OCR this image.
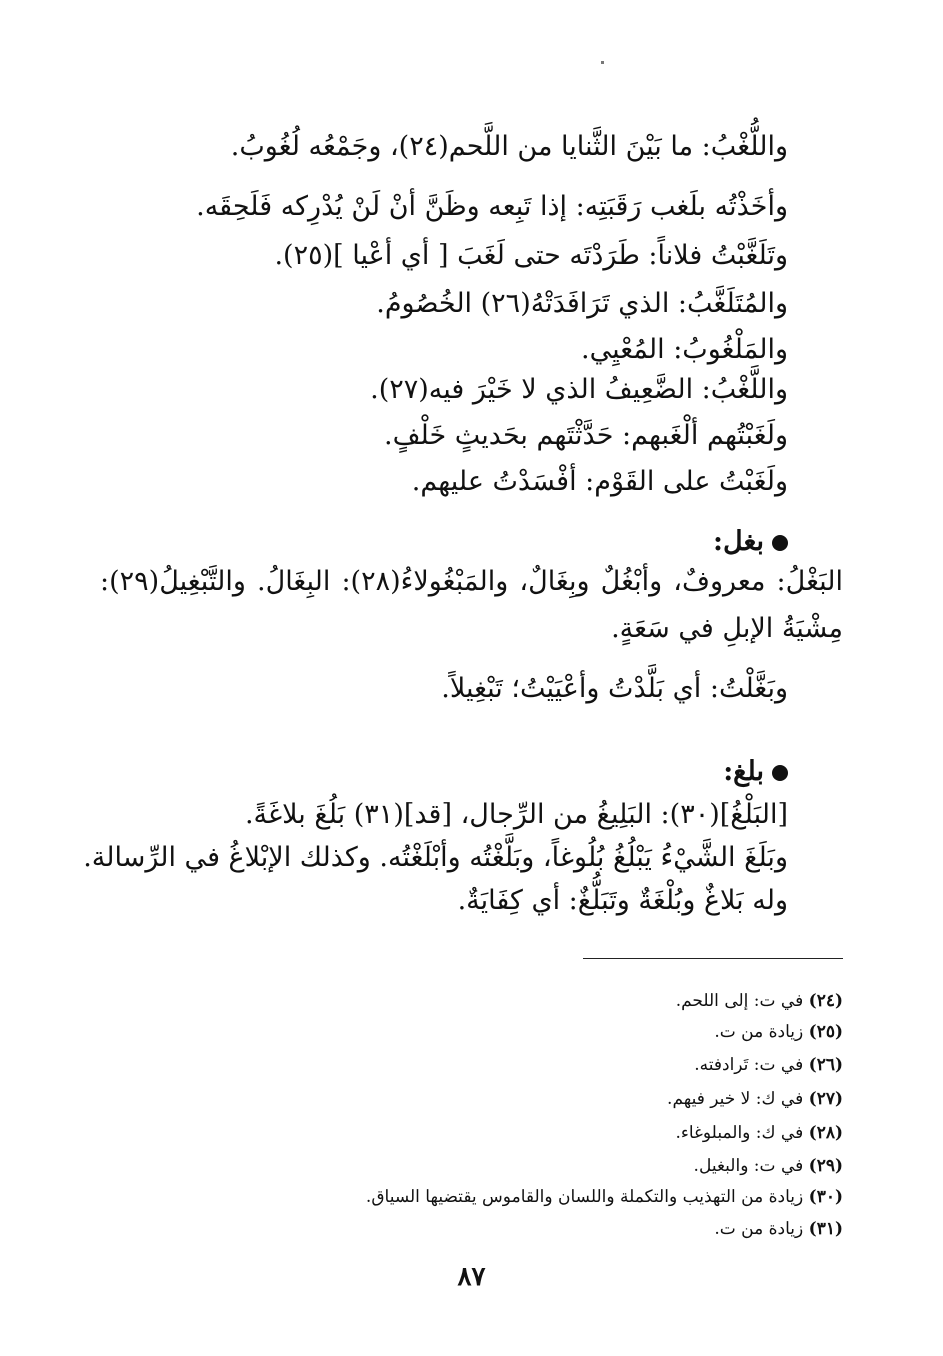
واللُّغْبُ: ما بَيْنَ الثَّنايا من اللَّحم(٢٤)، وجَمْعُه لُغُوبُ.
وأخَذْتُه بلَغب رَقَبَتِه: إذا تَبِعه وظَنَّ أنْ لَنْ يُدْرِكه فَلَحِقَه.
وتَلَغَّبْتُ فلاناً: طَرَدْتَه حتى لَغَبَ [ أي أعْيا ](٢٥).
والمُتَلَغَّبُ: الذي تَرَافَدَتْهُ(٢٦) الخُصُومُ.
والمَلْغُوبُ: المُعْيِي.
واللَّغْبُ: الضَّعِيفُ الذي لا خَيْرَ فيه(٢٧).
ولَغَبْتُهم ألْغَبهم: حَدَّثْتَهم بحَديثٍ خَلْفٍ.
ولَغَبْتُ على القَوْم: أفْسَدْتُ عليهم.
بغل:
البَغْلُ: معروفٌ، وأبْغُلٌ وبِغَالٌ، والمَبْغُولاءُ(٢٨): البِغَالُ. والتَّبْغِيلُ(٢٩):
مِشْيَةُ الإبلِ في سَعَةٍ.
وبَغَّلْتُ: أي بَلَّدْتُ وأعْيَيْتُ؛ تَبْغِيلاً.
بلغ:
[البَلْغُ](٣٠): البَلِيغُ من الرِّجال، [قد](٣١) بَلُغَ بلاغَةً.
وبَلَغَ الشَّيْءُ يَبْلُغُ بُلُوغاً، وبَلَّغْتُه وأبْلَغْتُه. وكذلك الإبْلاغُ في الرِّسالة.
وله بَلاغٌ وبُلْغَةٌ وتَبَلُّغٌ: أي كِفَايَةٌ.
(٢٤) في ت: إلى اللحم.
(٢٥) زيادة من ت.
(٢٦) في ت: تَرادفته.
(٢٧) في ك: لا خير فيهم.
(٢٨) في ك: والمبلوغاء.
(٢٩) في ت: والبغيل.
(٣٠) زيادة من التهذيب والتكملة واللسان والقاموس يقتضيها السياق.
(٣١) زيادة من ت.
٨٧
